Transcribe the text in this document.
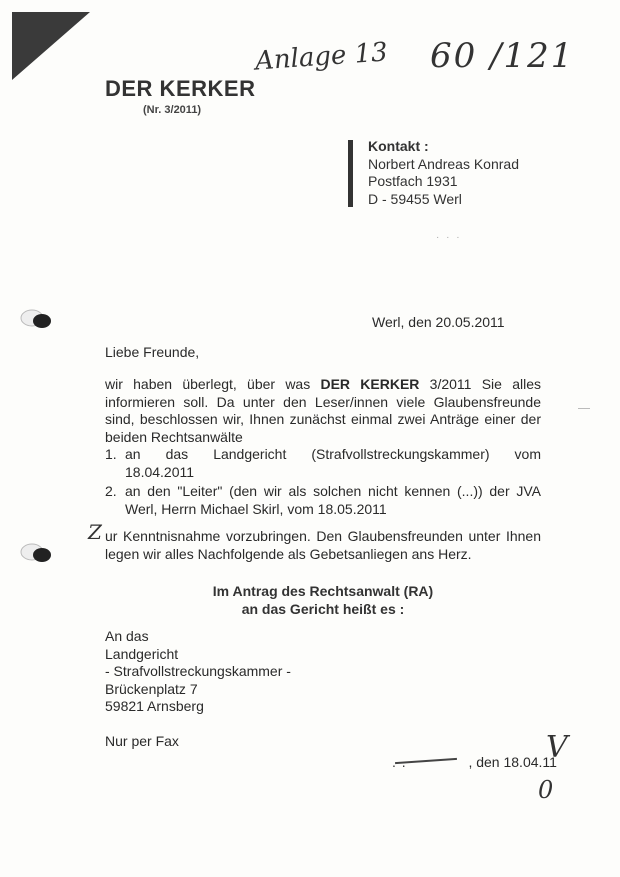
Anlage 13 60 /121
DER KERKER
(Nr. 3/2011)
Kontakt :
Norbert Andreas Konrad
Postfach 1931
D - 59455 Werl
· · ·
Werl, den 20.05.2011
Liebe Freunde,
wir haben überlegt, über was DER KERKER 3/2011 Sie alles informieren soll. Da unter den Leser/innen viele Glaubensfreunde sind, beschlossen wir, Ihnen zunächst einmal zwei Anträge einer der beiden Rechtsanwälte
1. an das Landgericht (Strafvollstreckungskammer) vom
18.04.2011
2. an den "Leiter" (den wir als solchen nicht kennen (...)) der JVA
Werl, Herrn Michael Skirl, vom 18.05.2011
Z ur Kenntnisnahme vorzubringen. Den Glaubensfreunden unter Ihnen legen wir alles Nachfolgende als Gebetsanliegen ans Herz.
Im Antrag des Rechtsanwalt (RA)
an das Gericht heißt es :
An das
Landgericht
- Strafvollstreckungskammer -
Brückenplatz 7
59821 Arnsberg
Nur per Fax
. .	, den 18.04.11
V
0
